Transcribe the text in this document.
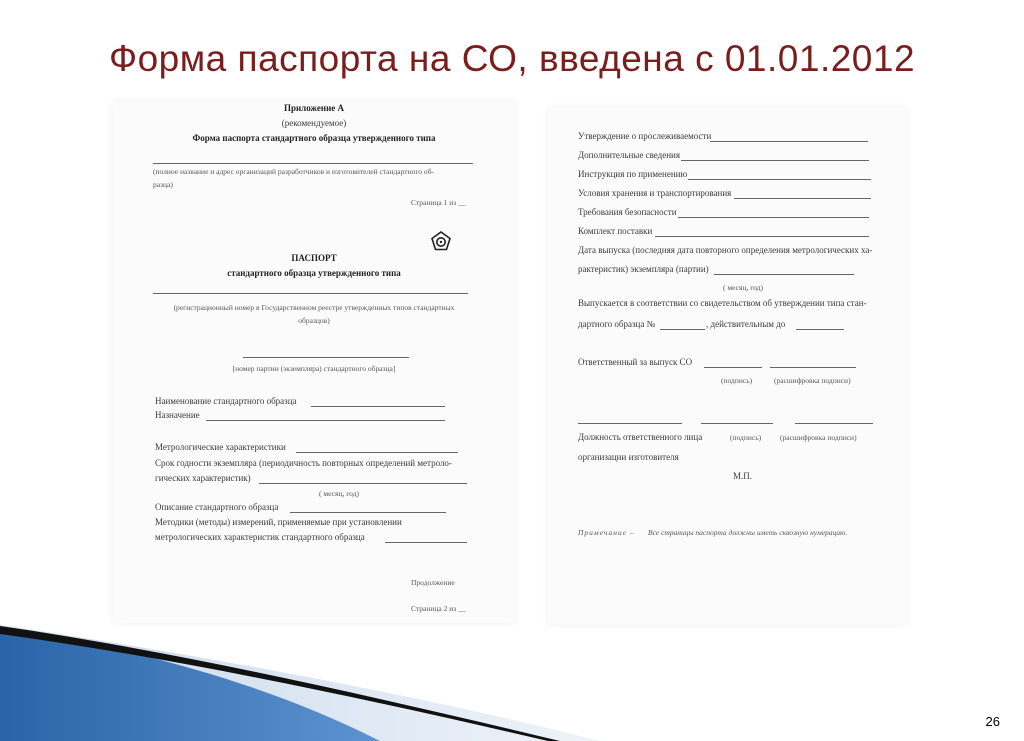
Форма паспорта на СО, введена с 01.01.2012
Приложение А
(рекомендуемое)
Форма паспорта стандартного образца утвержденного типа
(полное название и адрес организаций разработчиков и изготовителей стандартного об-
разца)
Страница 1 из __
ПАСПОРТ
стандартного образца утвержденного типа
(регистрационный номер в Государственном реестре утвержденных типов стандартных
образцов)
[номер партии (экземпляра) стандартного образца]
Наименование стандартного образца
Назначение
Метрологические характеристики
Срок годности экземпляра (периодичность повторных определений метроло-
гических характеристик)
( месяц, год)
Описание стандартного образца
Методики (методы) измерений, применяемые при установлении
метрологических характеристик стандартного образца
Продолжение
Страница 2 из __
Утверждение о прослеживаемости
Дополнительные сведения
Инструкция по применению
Условия хранения и транспортирования
Требования безопасности
Комплект поставки
Дата выпуска (последняя дата повторного определения метрологических ха-
рактеристик) экземпляра (партии)
( месяц, год)
Выпускается в соответствии со свидетельством об утверждении типа стан-
дартного образца №	, действительным до
Ответственный за выпуск СО
(подпись)	(расшифровка подписи)
Должность ответственного лица	(подпись)	(расшифровка подписи)
организации изготовителя
М.П.
Примечание – Все страницы паспорта должны иметь сквозную нумерацию.
26
